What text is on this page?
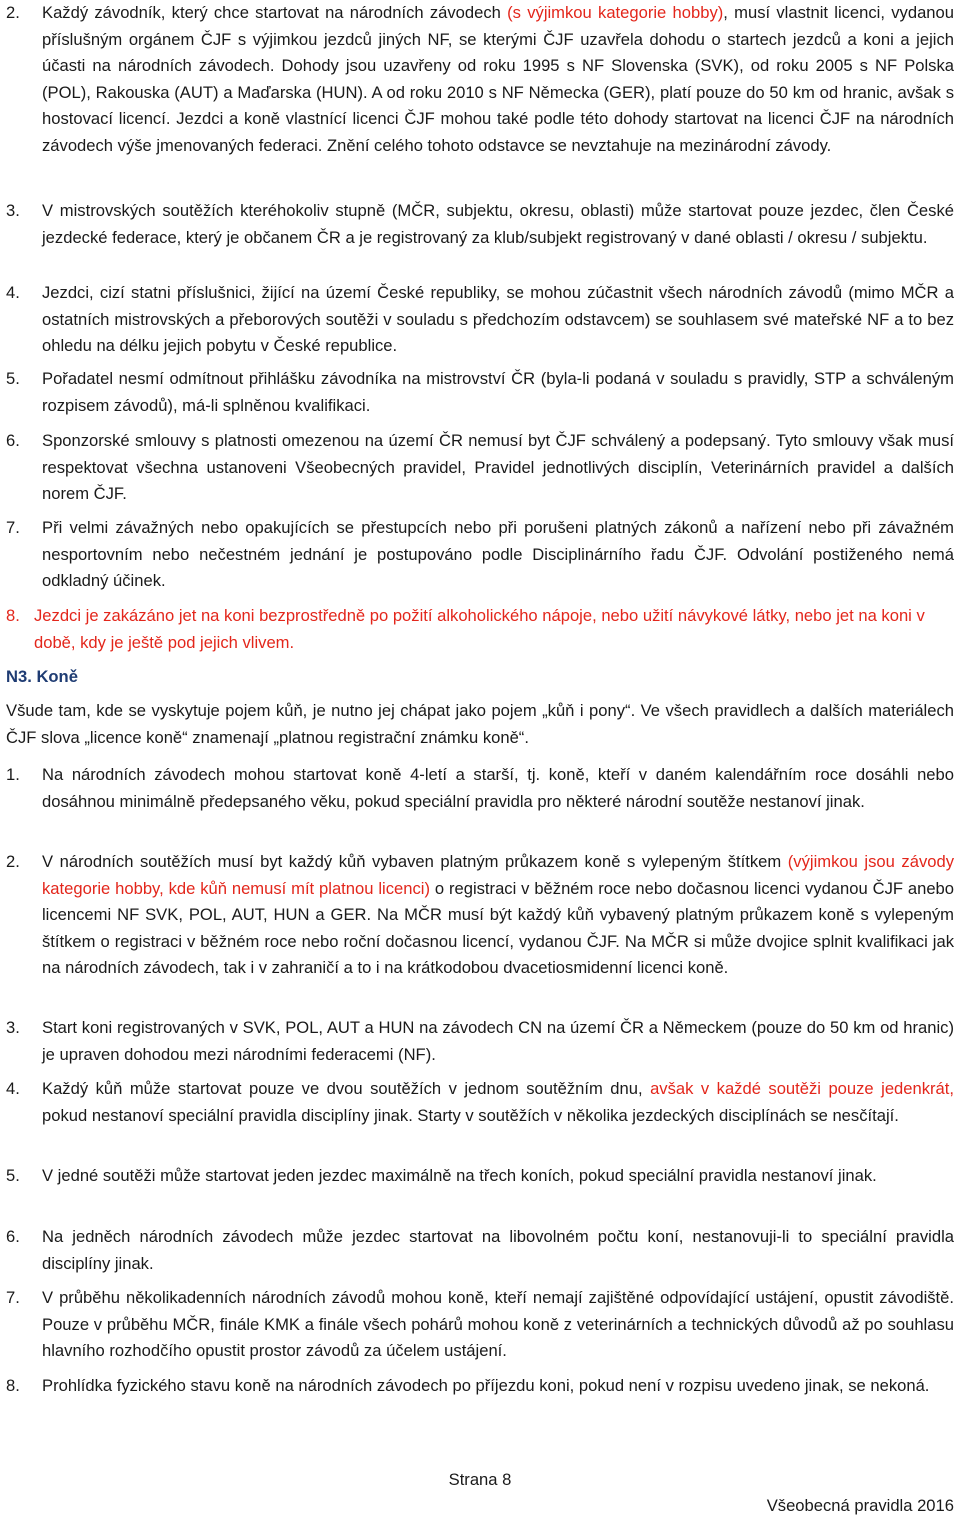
2.	Každý závodník, který chce startovat na národních závodech (s výjimkou kategorie hobby), musí vlastnit licenci, vydanou příslušným orgánem ČJF s výjimkou jezdců jiných NF, se kterými ČJF uzavřela dohodu o startech jezdců a koni a jejich účasti na národních závodech. Dohody jsou uzavřeny od roku 1995 s NF Slovenska (SVK), od roku 2005 s NF Polska (POL), Rakouska (AUT) a Maďarska (HUN). A od roku 2010 s NF Německa (GER), platí pouze do 50 km od hranic, avšak s hostovací licencí. Jezdci a koně vlastnící licenci ČJF mohou také podle této dohody startovat na licenci ČJF na národních závodech výše jmenovaných federaci. Znění celého tohoto odstavce se nevztahuje na mezinárodní závody.
3.	V mistrovských soutěžích kteréhokoliv stupně (MČR, subjektu, okresu, oblasti) může startovat pouze jezdec, člen České jezdecké federace, který je občanem ČR a je registrovaný za klub/subjekt registrovaný v dané oblasti / okresu / subjektu.
4.	Jezdci, cizí statni příslušnici, žijící na území České republiky, se mohou zúčastnit všech národních závodů (mimo MČR a ostatních mistrovských a přeborových soutěži v souladu s předchozím odstavcem) se souhlasem své mateřské NF a to bez ohledu na délku jejich pobytu v České republice.
5.	Pořadatel nesmí odmítnout přihlášku závodníka na mistrovství ČR (byla-li podaná v souladu s pravidly, STP a schváleným rozpisem závodů), má-li splněnou kvalifikaci.
6.	Sponzorské smlouvy s platnosti omezenou na území ČR nemusí byt ČJF schválený a podepsaný. Tyto smlouvy však musí respektovat všechna ustanoveni Všeobecných pravidel, Pravidel jednotlivých disciplín, Veterinárních pravidel a dalších norem ČJF.
7.	Při velmi závažných nebo opakujících se přestupcích nebo při porušeni platných zákonů a nařízení nebo při závažném nesportovním nebo nečestném jednání je postupováno podle Disciplinárního řadu ČJF. Odvolání postiženého nemá odkladný účinek.
8. Jezdci je zakázáno jet na koni bezprostředně po požití alkoholického nápoje, nebo užití návykové látky, nebo jet na koni v době, kdy je ještě pod jejich vlivem.
N3. Koně
Všude tam, kde se vyskytuje pojem kůň, je nutno jej chápat jako pojem „kůň i pony“. Ve všech pravidlech a dalších materiálech ČJF slova „licence koně“ znamenají „platnou registrační známku koně“.
1.	Na národních závodech mohou startovat koně 4-letí a starší, tj. koně, kteří v daném kalendářním roce dosáhli nebo dosáhnou minimálně předepsaného věku, pokud speciální pravidla pro některé národní soutěže nestanoví jinak.
2.	V národních soutěžích musí byt každý kůň vybaven platným průkazem koně s vylepeným štítkem (výjimkou jsou závody kategorie hobby, kde kůň nemusí mít platnou licenci) o registraci v běžném roce nebo dočasnou licenci vydanou ČJF anebo licencemi NF SVK, POL, AUT, HUN a GER. Na MČR musí být každý kůň vybavený platným průkazem koně s vylepeným štítkem o registraci v běžném roce nebo roční dočasnou licencí, vydanou ČJF. Na MČR si může dvojice splnit kvalifikaci jak na národních závodech, tak i v zahraničí a to i na krátkodobou dvacetiosmidenní licenci koně.
3.	Start koni registrovaných v SVK, POL, AUT a HUN na závodech CN na území ČR a Německem (pouze do 50 km od hranic) je upraven dohodou mezi národními federacemi (NF).
4.	Každý kůň může startovat pouze ve dvou soutěžích v jednom soutěžním dnu, avšak v každé soutěži pouze jedenkrát, pokud nestanoví speciální pravidla disciplíny jinak. Starty v soutěžích v několika jezdeckých disciplínách se nesčítají.
5.	V jedné soutěži může startovat jeden jezdec maximálně na třech koních, pokud speciální pravidla nestanoví jinak.
6.	Na jedněch národních závodech může jezdec startovat na libovolném počtu koní, nestanovuji-li to speciální pravidla disciplíny jinak.
7.	V průběhu několikadenních národních závodů mohou koně, kteří nemají zajištěné odpovídající ustájení, opustit závodiště. Pouze v průběhu MČR, finále KMK a finále všech pohárů mohou koně z veterinárních a technických důvodů až po souhlasu hlavního rozhodčího opustit prostor závodů za účelem ustájení.
8.	Prohlídka fyzického stavu koně na národních závodech po příjezdu koni, pokud není v rozpisu uvedeno jinak, se nekoná.
Strana 8
Všeobecná pravidla 2016
